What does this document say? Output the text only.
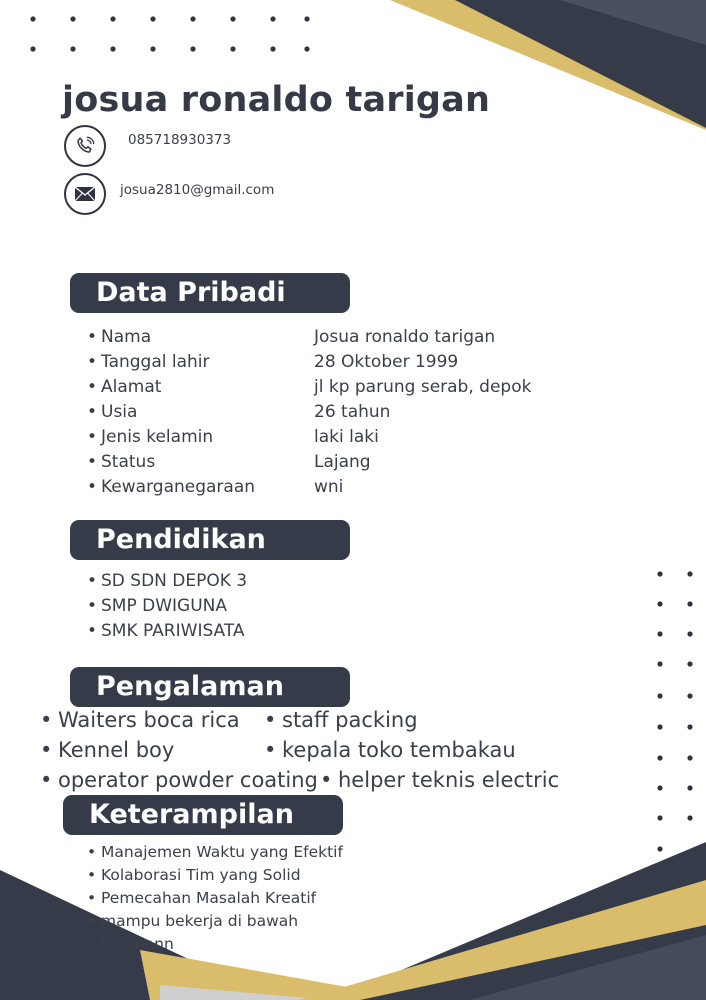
josua ronaldo tarigan
085718930373
josua2810@gmail.com
Data Pribadi
• Nama	Josua ronaldo tarigan
• Tanggal lahir	28 Oktober 1999
• Alamat	jl kp parung serab, depok
• Usia	26 tahun
• Jenis kelamin	laki laki
• Status	Lajang
• Kewarganegaraan	wni
Pendidikan
• SD SDN DEPOK 3
• SMP DWIGUNA
• SMK PARIWISATA
Pengalaman
• Waiters boca rica	• staff packing
• Kennel boy	• kepala toko tembakau
• operator powder coating • helper teknis electric
Keterampilan
• Manajemen Waktu yang Efektif
• Kolaborasi Tim yang Solid
• Pemecahan Masalah Kreatif
• mampu bekerja di bawah
tekanann
